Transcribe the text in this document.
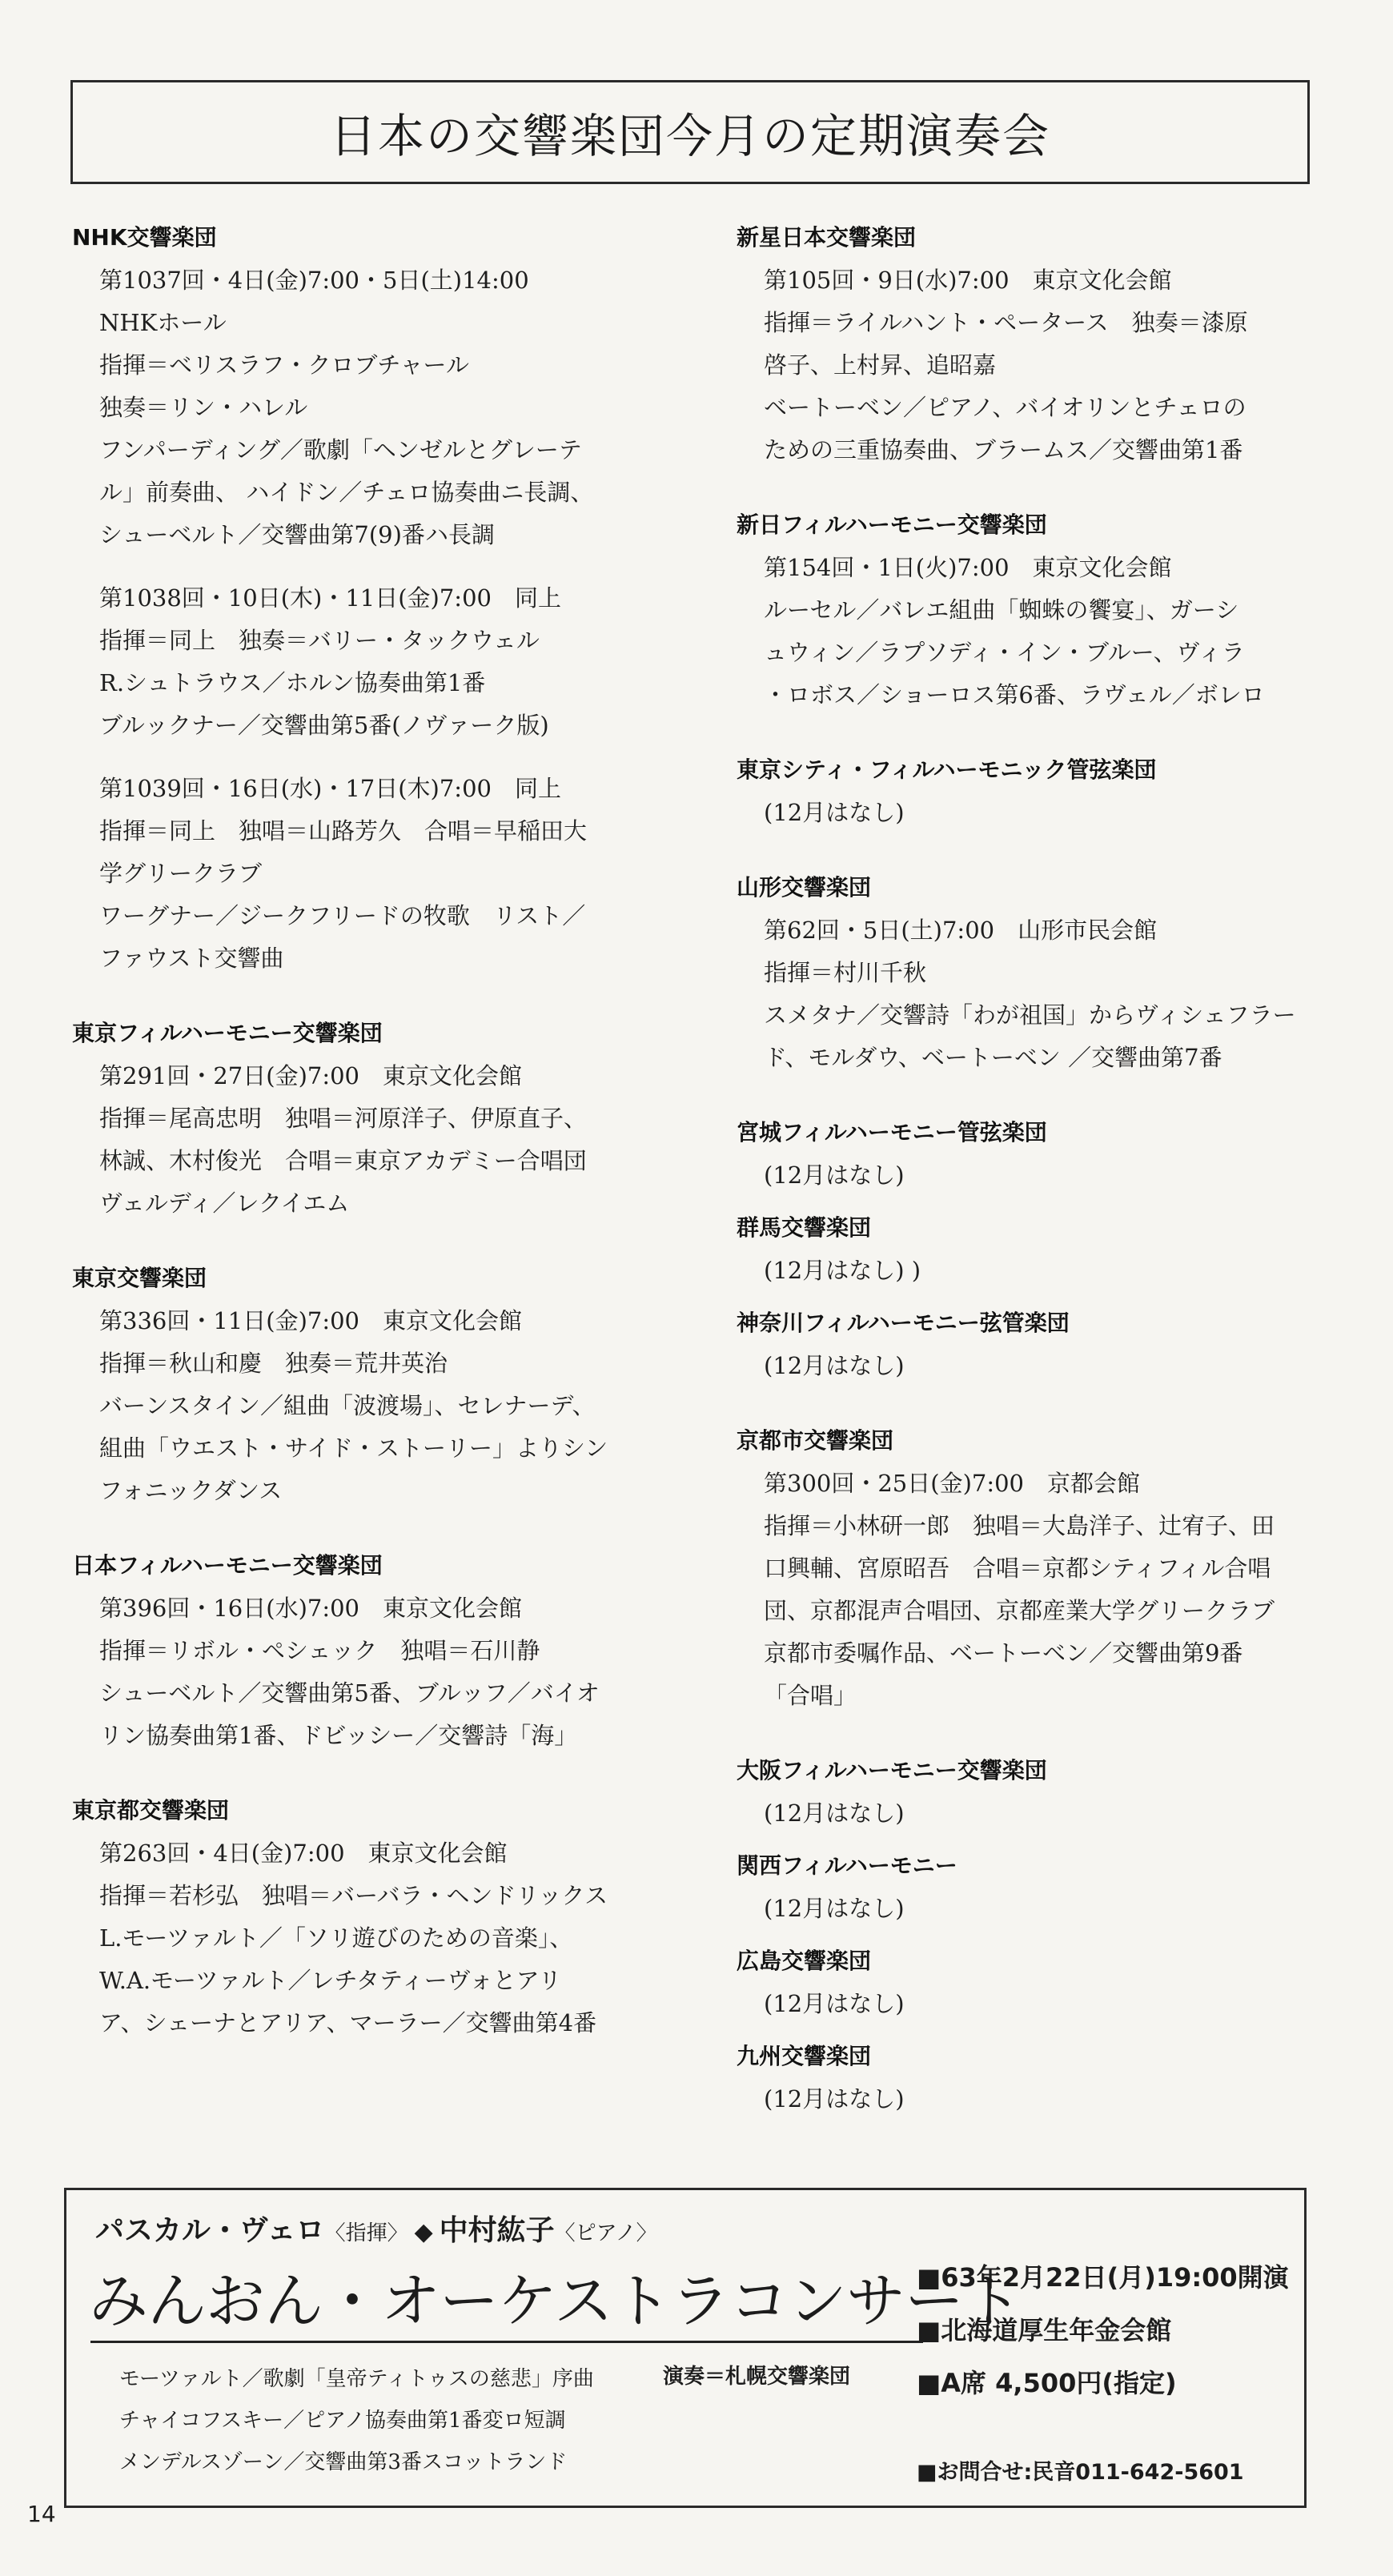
日本の交響楽団今月の定期演奏会
NHK交響楽団
第1037回・4日(金)7:00・5日(土)14:00
NHKホール
指揮＝ベリスラフ・クロブチャール
独奏＝リン・ハレル
フンパーディング／歌劇「ヘンゼルとグレーテ
ル」前奏曲、 ハイドン／チェロ協奏曲ニ長調、
シューベルト／交響曲第7(9)番ハ長調
第1038回・10日(木)・11日(金)7:00　同上
指揮＝同上　独奏＝バリー・タックウェル
R.シュトラウス／ホルン協奏曲第1番
ブルックナー／交響曲第5番(ノヴァーク版)
第1039回・16日(水)・17日(木)7:00　同上
指揮＝同上　独唱＝山路芳久　合唱＝早稲田大
学グリークラブ
ワーグナー／ジークフリードの牧歌　リスト／
ファウスト交響曲
東京フィルハーモニー交響楽団
第291回・27日(金)7:00　東京文化会館
指揮＝尾高忠明　独唱＝河原洋子、伊原直子、
林誠、木村俊光　合唱＝東京アカデミー合唱団
ヴェルディ／レクイエム
東京交響楽団
第336回・11日(金)7:00　東京文化会館
指揮＝秋山和慶　独奏＝荒井英治
バーンスタイン／組曲「波渡場」、セレナーデ、
組曲「ウエスト・サイド・ストーリー」よりシン
フォニックダンス
日本フィルハーモニー交響楽団
第396回・16日(水)7:00　東京文化会館
指揮＝リボル・ペシェック　独唱＝石川静
シューベルト／交響曲第5番、ブルッフ／バイオ
リン協奏曲第1番、ドビッシー／交響詩「海」
東京都交響楽団
第263回・4日(金)7:00　東京文化会館
指揮＝若杉弘　独唱＝バーバラ・ヘンドリックス
L.モーツァルト／「ソリ遊びのための音楽」、
W.A.モーツァルト／レチタティーヴォとアリ
ア、シェーナとアリア、マーラー／交響曲第4番
新星日本交響楽団
第105回・9日(水)7:00　東京文化会館
指揮＝ライルハント・ペータース　独奏＝漆原
啓子、上村昇、追昭嘉
ベートーベン／ピアノ、バイオリンとチェロの
ための三重協奏曲、ブラームス／交響曲第1番
新日フィルハーモニー交響楽団
第154回・1日(火)7:00　東京文化会館
ルーセル／バレエ組曲「蜘蛛の饗宴」、ガーシ
ュウィン／ラプソディ・イン・ブルー、ヴィラ
・ロボス／ショーロス第6番、ラヴェル／ボレロ
東京シティ・フィルハーモニック管弦楽団
(12月はなし)
山形交響楽団
第62回・5日(土)7:00　山形市民会館
指揮＝村川千秋
スメタナ／交響詩「わが祖国」からヴィシェフラー
ド、モルダウ、ベートーベン ／交響曲第7番
宮城フィルハーモニー管弦楽団
(12月はなし)
群馬交響楽団
(12月はなし) )
神奈川フィルハーモニー弦管楽団
(12月はなし)
京都市交響楽団
第300回・25日(金)7:00　京都会館
指揮＝小林研一郎　独唱＝大島洋子、辻宥子、田
口興輔、宮原昭吾　合唱＝京都シティフィル合唱
団、京都混声合唱団、京都産業大学グリークラブ
京都市委嘱作品、ベートーベン／交響曲第9番
「合唱」
大阪フィルハーモニー交響楽団
(12月はなし)
関西フィルハーモニー
(12月はなし)
広島交響楽団
(12月はなし)
九州交響楽団
(12月はなし)
パスカル・ヴェロ〈指揮〉 ◆ 中村紘子〈ピアノ〉
みんおん・オーケストラコンサート
モーツァルト／歌劇「皇帝ティトゥスの慈悲」序曲
チャイコフスキー／ピアノ協奏曲第1番変ロ短調
メンデルスゾーン／交響曲第3番スコットランド
演奏＝札幌交響楽団
■63年2月22日(月)19:00開演
■北海道厚生年金会館
■A席 4,500円(指定)
■お問合せ:民音011-642-5601
14
